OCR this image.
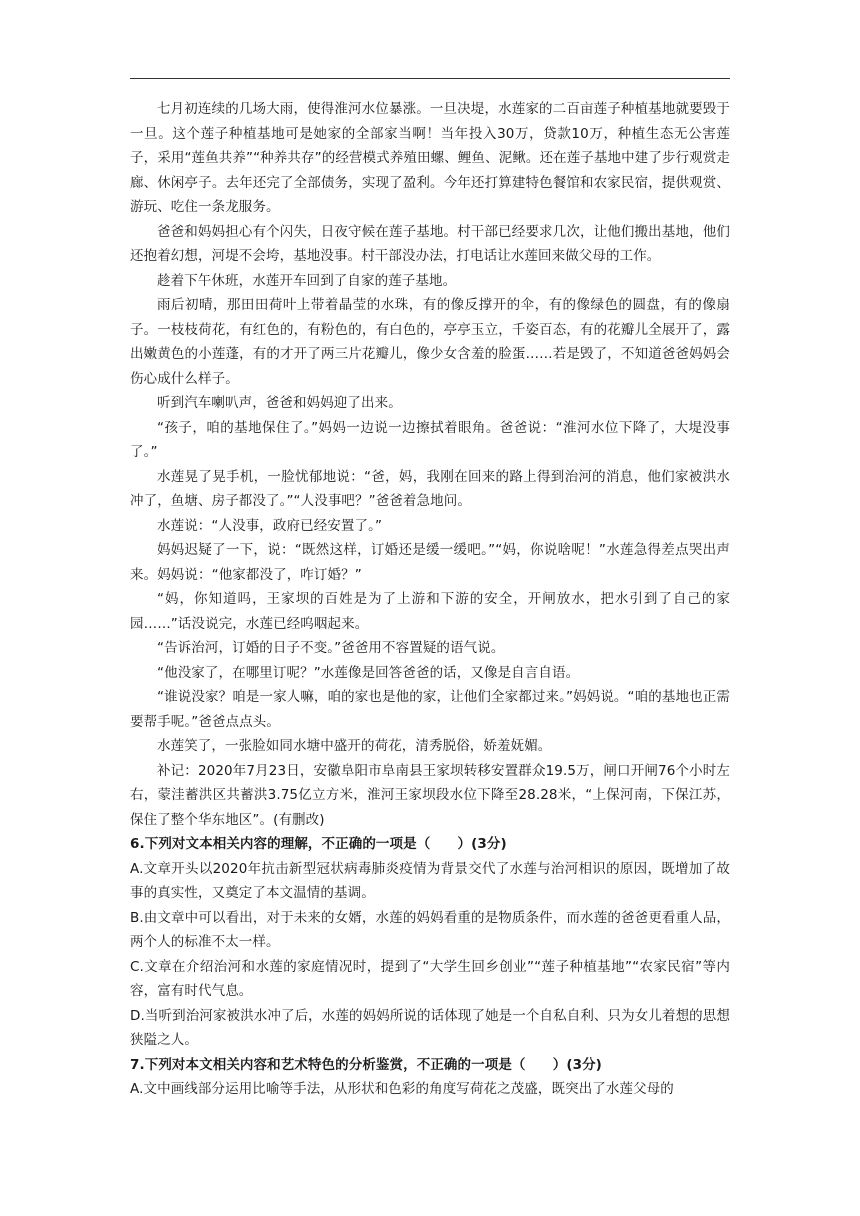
七月初连续的几场大雨，使得淮河水位暴涨。一旦决堤，水莲家的二百亩莲子种植基地就要毁于一旦。这个莲子种植基地可是她家的全部家当啊！当年投入30万，贷款10万，种植生态无公害莲子，采用“莲鱼共养”“种养共存”的经营模式养殖田螺、鲤鱼、泥鳅。还在莲子基地中建了步行观赏走廊、休闲亭子。去年还完了全部债务，实现了盈利。今年还打算建特色餐馆和农家民宿，提供观赏、游玩、吃住一条龙服务。

爸爸和妈妈担心有个闪失，日夜守候在莲子基地。村干部已经要求几次，让他们搬出基地，他们还抱着幻想，河堤不会垮，基地没事。村干部没办法，打电话让水莲回来做父母的工作。

趁着下午休班，水莲开车回到了自家的莲子基地。

雨后初晴，那田田荷叶上带着晶莹的水珠，有的像反撑开的伞，有的像绿色的圆盘，有的像扇子。一枝枝荷花，有红色的，有粉色的，有白色的，亭亭玉立，千姿百态，有的花瓣儿全展开了，露出嫩黄色的小莲蓬，有的才开了两三片花瓣儿，像少女含羞的脸蛋……若是毁了，不知道爸爸妈妈会伤心成什么样子。

听到汽车喇叭声，爸爸和妈妈迎了出来。

“孩子，咱的基地保住了。”妈妈一边说一边擦拭着眼角。爸爸说：“淮河水位下降了，大堤没事了。”

水莲晃了晃手机，一脸忧郁地说：“爸，妈，我刚在回来的路上得到治河的消息，他们家被洪水冲了，鱼塘、房子都没了。”“人没事吧？”爸爸着急地问。

水莲说：“人没事，政府已经安置了。”

妈妈迟疑了一下，说：“既然这样，订婚还是缓一缓吧。”“妈，你说啥呢！”水莲急得差点哭出声来。妈妈说：“他家都没了，咋订婚？”

“妈，你知道吗，王家坝的百姓是为了上游和下游的安全，开闸放水，把水引到了自己的家园……”话没说完，水莲已经呜咽起来。

“告诉治河，订婚的日子不变。”爸爸用不容置疑的语气说。

“他没家了，在哪里订呢？”水莲像是回答爸爸的话，又像是自言自语。

“谁说没家？咱是一家人嘛，咱的家也是他的家，让他们全家都过来。”妈妈说。“咱的基地也正需要帮手呢。”爸爸点点头。

水莲笑了，一张脸如同水塘中盛开的荷花，清秀脱俗，娇羞妩媚。

补记：2020年7月23日，安徽阜阳市阜南县王家坝转移安置群众19.5万，闸口开闸76个小时左右，蒙洼蓄洪区共蓄洪3.75亿立方米，淮河王家坝段水位下降至28.28米，“上保河南，下保江苏，保住了整个华东地区”。(有删改)

6.下列对文本相关内容的理解，不正确的一项是（　　）(3分)

A.文章开头以2020年抗击新型冠状病毒肺炎疫情为背景交代了水莲与治河相识的原因，既增加了故事的真实性，又奠定了本文温情的基调。

B.由文章中可以看出，对于未来的女婿，水莲的妈妈看重的是物质条件，而水莲的爸爸更看重人品，两个人的标准不太一样。

C.文章在介绍治河和水莲的家庭情况时，提到了“大学生回乡创业”“莲子种植基地”“农家民宿”等内容，富有时代气息。

D.当听到治河家被洪水冲了后，水莲的妈妈所说的话体现了她是一个自私自利、只为女儿着想的思想狭隘之人。

7.下列对本文相关内容和艺术特色的分析鉴赏，不正确的一项是（　　）(3分)

A.文中画线部分运用比喻等手法，从形状和色彩的角度写荷花之茂盛，既突出了水莲父母的
